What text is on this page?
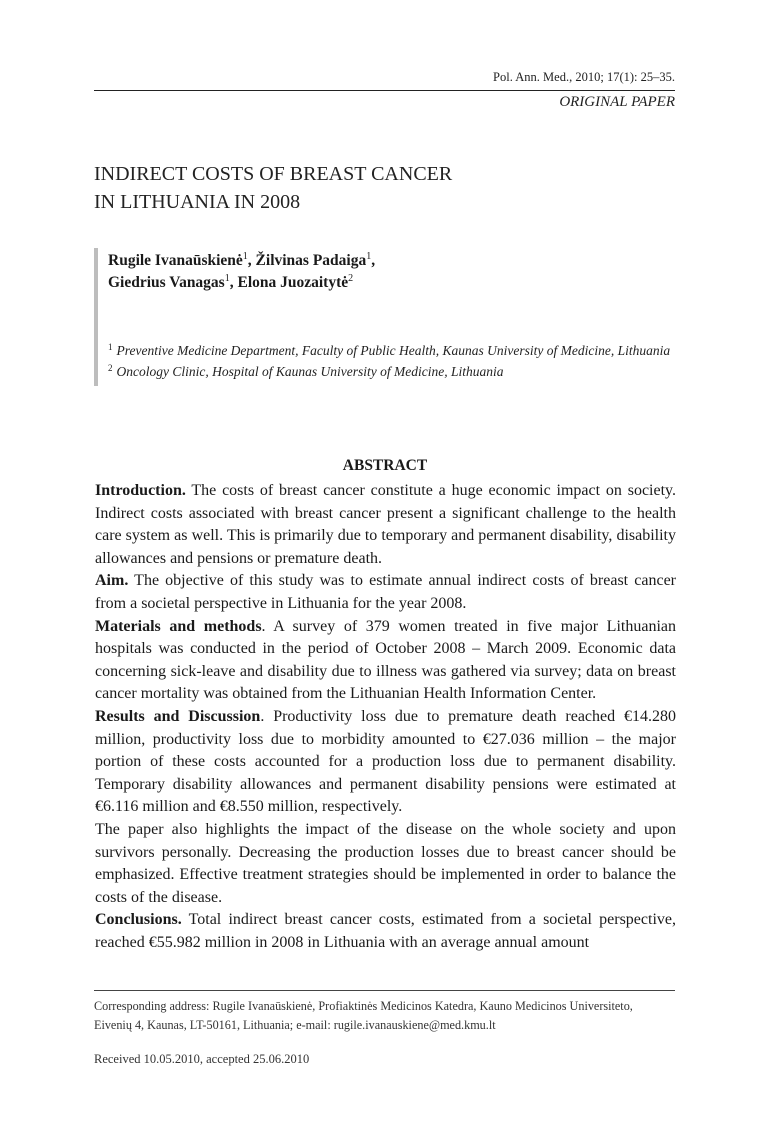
Pol. Ann. Med., 2010; 17(1): 25–35.
ORIGINAL PAPER
INDIRECT COSTS OF BREAST CANCER
IN LITHUANIA IN 2008
Rugile Ivanaūskienė$^1$, Žilvinas Padaiga$^1$,
Giedrius Vanagas$^1$, Elona Juozaitytė$^2$
$^1$ Preventive Medicine Department, Faculty of Public Health, Kaunas University of Medicine, Lithuania
$^2$ Oncology Clinic, Hospital of Kaunas University of Medicine, Lithuania
ABSTRACT

Introduction. The costs of breast cancer constitute a huge economic impact on society. Indirect costs associated with breast cancer present a significant challenge to the health care system as well. This is primarily due to temporary and permanent disability, disability allowances and pensions or premature death.

Aim. The objective of this study was to estimate annual indirect costs of breast cancer from a societal perspective in Lithuania for the year 2008.

Materials and methods. A survey of 379 women treated in five major Lithuanian hospitals was conducted in the period of October 2008 – March 2009. Economic data concerning sick-leave and disability due to illness was gathered via survey; data on breast cancer mortality was obtained from the Lithuanian Health Information Center.

Results and Discussion. Productivity loss due to premature death reached €14.280 million, productivity loss due to morbidity amounted to €27.036 million – the major portion of these costs accounted for a production loss due to permanent disability. Temporary disability allowances and permanent disability pensions were estimated at €6.116 million and €8.550 million, respectively.

The paper also highlights the impact of the disease on the whole society and upon survivors personally. Decreasing the production losses due to breast cancer should be emphasized. Effective treatment strategies should be implemented in order to balance the costs of the disease.

Conclusions. Total indirect breast cancer costs, estimated from a societal perspective, reached €55.982 million in 2008 in Lithuania with an average annual amount

Corresponding address: Rugile Ivanaūskienė, Profiaktinės Medicinos Katedra, Kauno Medicinos Universiteto,
Eivenių 4, Kaunas, LT-50161, Lithuania; e-mail: rugile.ivanauskiene@med.kmu.lt
Received 10.05.2010, accepted 25.06.2010
